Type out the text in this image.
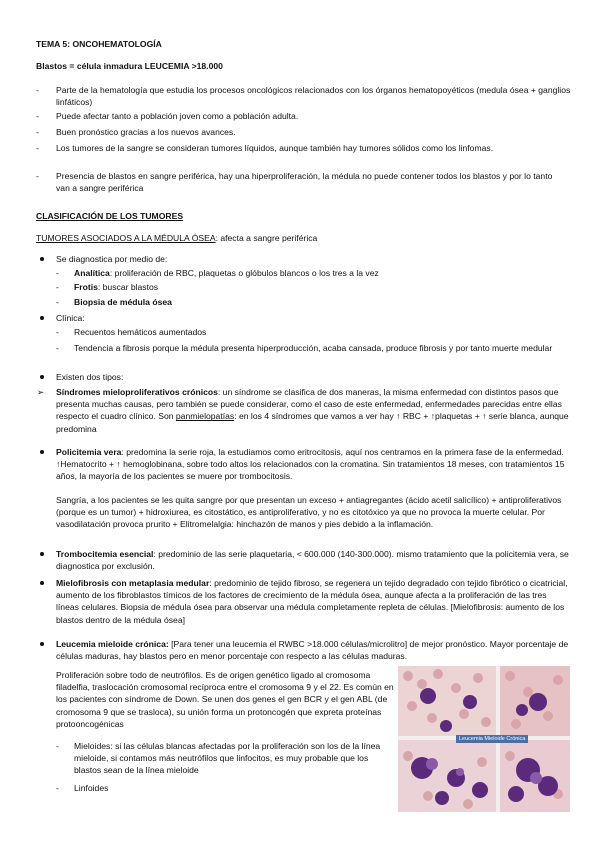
TEMA 5: ONCOHEMATOLOGÍA
Blastos = célula inmadura LEUCEMIA >18.000
- Parte de la hematología que estudia los procesos oncológicos relacionados con los órganos hematopoyéticos (medula ósea + ganglios linfáticos)
- Puede afectar tanto a población joven como a población adulta.
- Buen pronóstico gracias a los nuevos avances.
- Los tumores de la sangre se consideran tumores líquidos, aunque también hay tumores sólidos como los linfomas.
- Presencia de blastos en sangre periférica, hay una hiperproliferación, la médula no puede contener todos los blastos y por lo tanto van a sangre periférica
CLASIFICACIÓN DE LOS TUMORES
TUMORES ASOCIADOS A LA MÉDULA ÓSEA: afecta a sangre periférica
Se diagnostica por medio de:
- Analítica: proliferación de RBC, plaquetas o glóbulos blancos o los tres a la vez
- Frotis: buscar blastos
- Biopsia de médula ósea
Clínica:
- Recuentos hemáticos aumentados
- Tendencia a fibrosis porque la médula presenta hiperproducción, acaba cansada, produce fibrosis y por tanto muerte medular
Existen dos tipos:
➢ Síndromes mieloproliferativos crónicos: un síndrome se clasifica de dos maneras, la misma enfermedad con distintos pasos que presenta muchas causas, pero también se puede considerar, como el caso de este enfermedad, enfermedades parecidas entre ellas respecto el cuadro clínico. Son panmielopatías: en los 4 síndromes que vamos a ver hay ↑ RBC + ↑plaquetas + ↑ serie blanca, aunque predomina
Policitemia vera: predomina la serie roja, la estudiamos como eritrocitosis, aquí nos centramos en la primera fase de la enfermedad. ↑Hematocrito + ↑ hemoglobinana, sobre todo altos los relacionados con la cromatina. Sin tratamientos 18 meses, con tratamientos 15 años, la mayoría de los pacientes se muere por trombocitosis.
Sangría, a los pacientes se les quita sangre por que presentan un exceso + antiagregantes (ácido acetil salicílico) + antiproliferativos (porque es un tumor) + hidroxiurea, es citostático, es antiproliferativo, y no es citotóxico ya que no provoca la muerte celular. Por vasodilatación provoca prurito + Elitromelalgia: hinchazón de manos y pies debido a la inflamación.
Trombocitemia esencial: predominio de las serie plaquetaria, < 600.000 (140-300.000). mismo tratamiento que la policitemia vera, se diagnostica por exclusión.
Mielofibrosis con metaplasia medular: predominio de tejido fibroso, se regenera un tejido degradado con tejido fibrótico o cicatricial, aumento de los fibroblastos tímicos de los factores de crecimiento de la médula ósea, aunque afecta a la proliferación de las tres líneas celulares. Biopsia de médula ósea para observar una médula completamente repleta de células. [Mielofibrosis: aumento de los blastos dentro de la médula ósea]
Leucemia mieloide crónica: [Para tener una leucemia el RWBC >18.000 células/microlitro] de mejor pronóstico. Mayor porcentaje de células maduras, hay blastos pero en menor porcentaje con respecto a las células maduras.
Proliferación sobre todo de neutrófilos. Es de origen genético ligado al cromosoma filadelfia, traslocación cromosomal recíproca entre el cromosoma 9 y el 22. Es común en los pacientes con síndrome de Down. Se unen dos genes el gen BCR y el gen ABL (de cromosoma 9 que se trasloca), su unión forma un protoncogén que expreta proteínas protooncogénicas
- Mieloides: si las células blancas afectadas por la proliferación son los de la línea mieloide, si contamos más neutrófilos que linfocitos, es muy probable que los blastos sean de la línea mieloide
- Linfoides
Leucemia Mieloide Crónica
